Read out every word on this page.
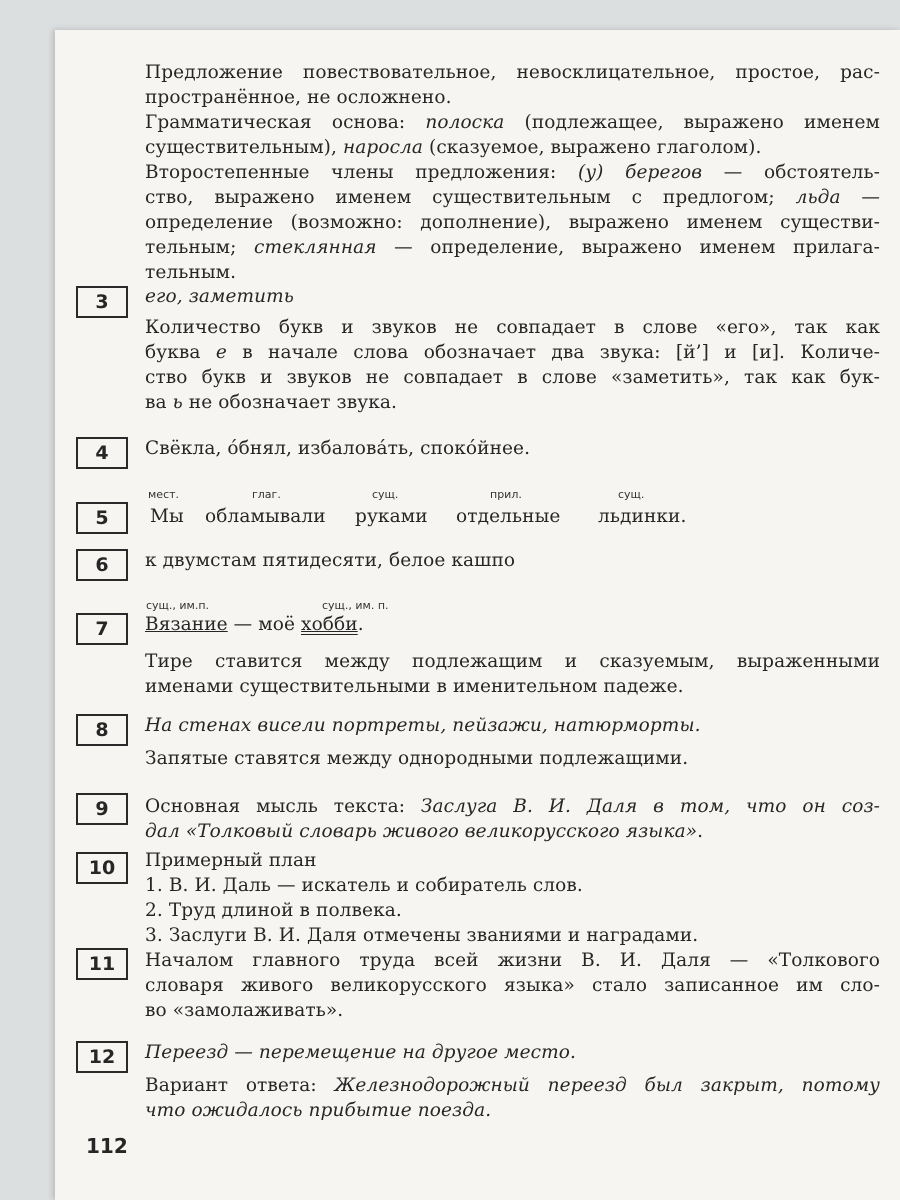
Предложение повествовательное, невосклицательное, простое, рас-

пространённое, не осложнено.

Грамматическая основа: полоска (подлежащее, выражено именем

существительным), наросла (сказуемое, выражено глаголом).

Второстепенные члены предложения: (у) берегов — обстоятель-

ство, выражено именем существительным с предлогом; льда —

определение (возможно: дополнение), выражено именем существи-

тельным; стеклянная — определение, выражено именем прилага-

тельным.

3	его, заметить

Количество букв и звуков не совпадает в слове «его», так как

буква е в начале слова обозначает два звука: [й’] и [и]. Количе-

ство букв и звуков не совпадает в слове «заметить», так как бук-

ва ь не обозначает звука.

4	Свёкла, о́бнял, избалова́ть, споко́йнее.

5
мест.	глаг.	сущ.	прил.	сущ.
Мы обламывали руками отдельные льдинки.
6	к двумстам пятидесяти, белое кашпо

7
сущ., им.п.	сущ., им. п.

Вязание — моё хобби.

Тире ставится между подлежащим и сказуемым, выраженными

именами существительными в именительном падеже.

8	На стенах висели портреты, пейзажи, натюрморты.

Запятые ставятся между однородными подлежащими.

9	Основная мысль текста: Заслуга В. И. Даля в том, что он соз-

дал «Толковый словарь живого великорусского языка».

10	Примерный план

1. В. И. Даль — искатель и собиратель слов.

2. Труд длиной в полвека.

3. Заслуги В. И. Даля отмечены званиями и наградами.

11	Началом главного труда всей жизни В. И. Даля — «Толкового

словаря живого великорусского языка» стало записанное им сло-

во «замолаживать».

12	Переезд — перемещение на другое место.

Вариант ответа: Железнодорожный переезд был закрыт, потому

что ожидалось прибытие поезда.

112
